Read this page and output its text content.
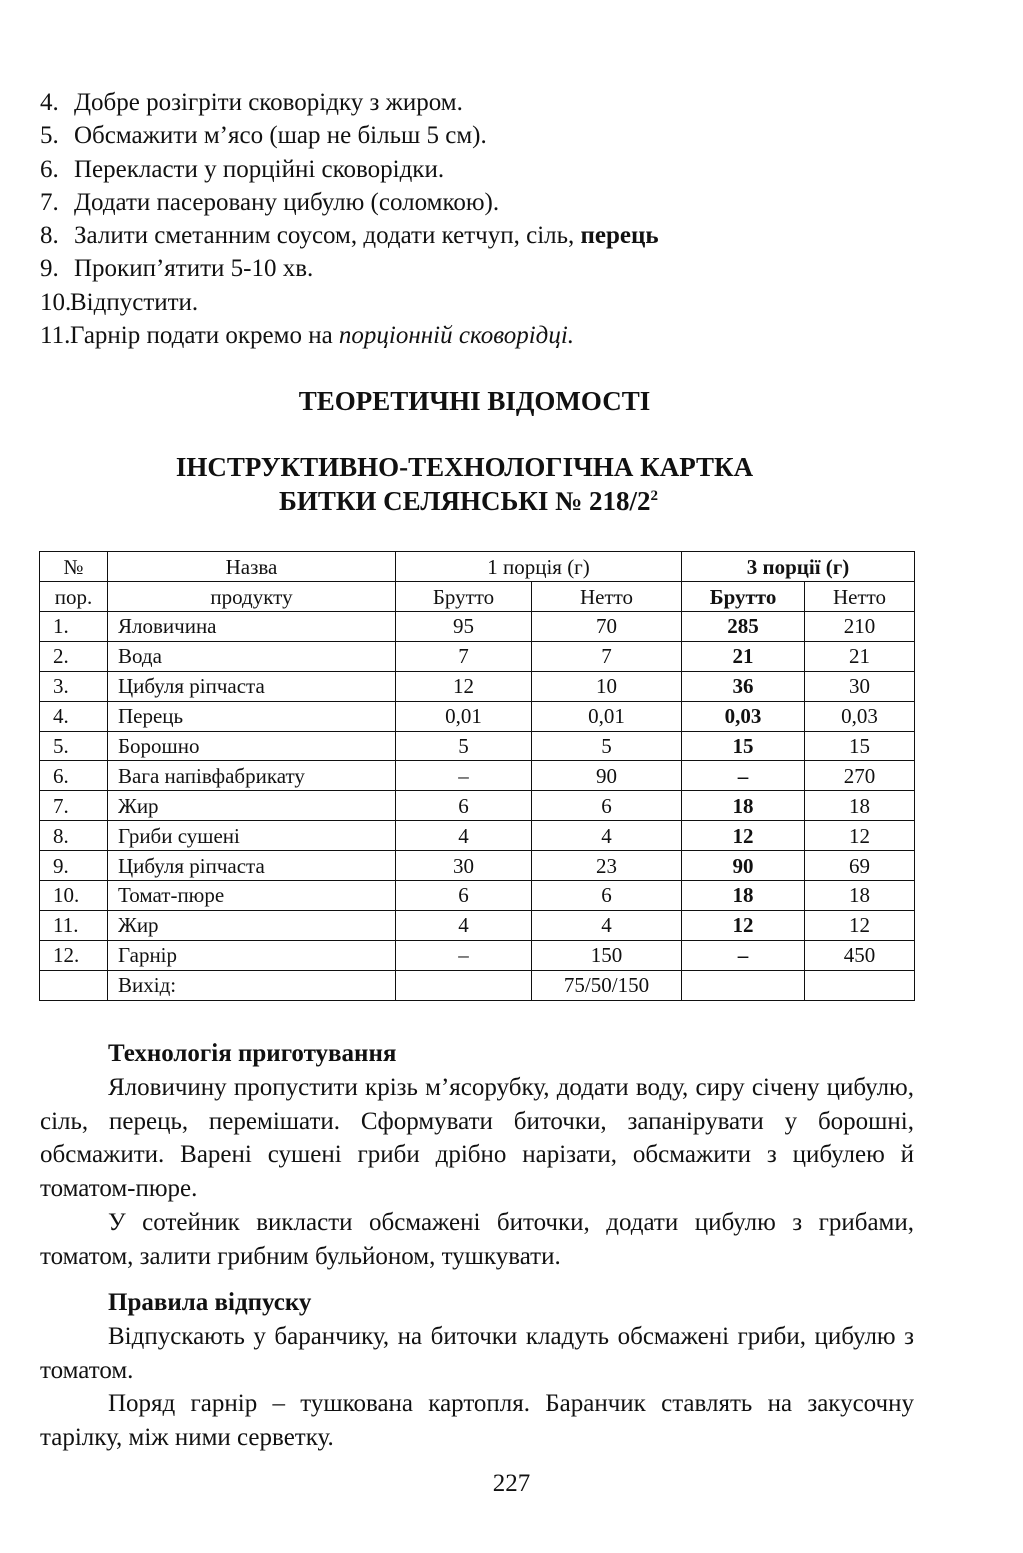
4. Добре розігріти сковорідку з жиром.
5. Обсмажити м’ясо (шар не більш 5 см).
6. Перекласти у порційні сковорідки.
7. Додати пасеровану цибулю (соломкою).
8. Залити сметанним соусом, додати кетчуп, сіль, перець
9. Прокип’ятити 5-10 хв.
10.Відпустити.
11.Гарнір подати окремо на порціонній сковорідці.
ТЕОРЕТИЧНІ ВІДОМОСТІ
ІНСТРУКТИВНО-ТЕХНОЛОГІЧНА КАРТКА
БИТКИ СЕЛЯНСЬКІ № $218/2^2$
№	Назва	1 порція (г)		3 порції (г)	
пор.	продукту	Брутто	Нетто	Брутто	Нетто
1.	Яловичина	95	70	285	210
2.	Вода	7	7	21	21
3.	Цибуля ріпчаста	12	10	36	30
4.	Перець	0,01	0,01	0,03	0,03
5.	Борошно	5	5	15	15
6.	Вага напівфабрикату	–	90	–	270
7.	Жир	6	6	18	18
8.	Гриби сушені	4	4	12	12
9.	Цибуля ріпчаста	30	23	90	69
10.	Томат-пюре	6	6	18	18
11.	Жир	4	4	12	12
12.	Гарнір	–	150	–	450
	Вихід:		75/50/150		
Технологія приготування
Яловичину пропустити крізь м’ясорубку, додати воду, сиру січену цибулю, сіль, перець, перемішати. Сформувати биточки, запанірувати у борошні, обсмажити. Варені сушені гриби дрібно нарізати, обсмажити з цибулею й томатом-пюре.
У сотейник викласти обсмажені биточки, додати цибулю з грибами, томатом, залити грибним бульйоном, тушкувати.
Правила відпуску
Відпускають у баранчику, на биточки кладуть обсмажені гриби, цибулю з томатом.
Поряд гарнір – тушкована картопля. Баранчик ставлять на закусочну тарілку, між ними серветку.
227
